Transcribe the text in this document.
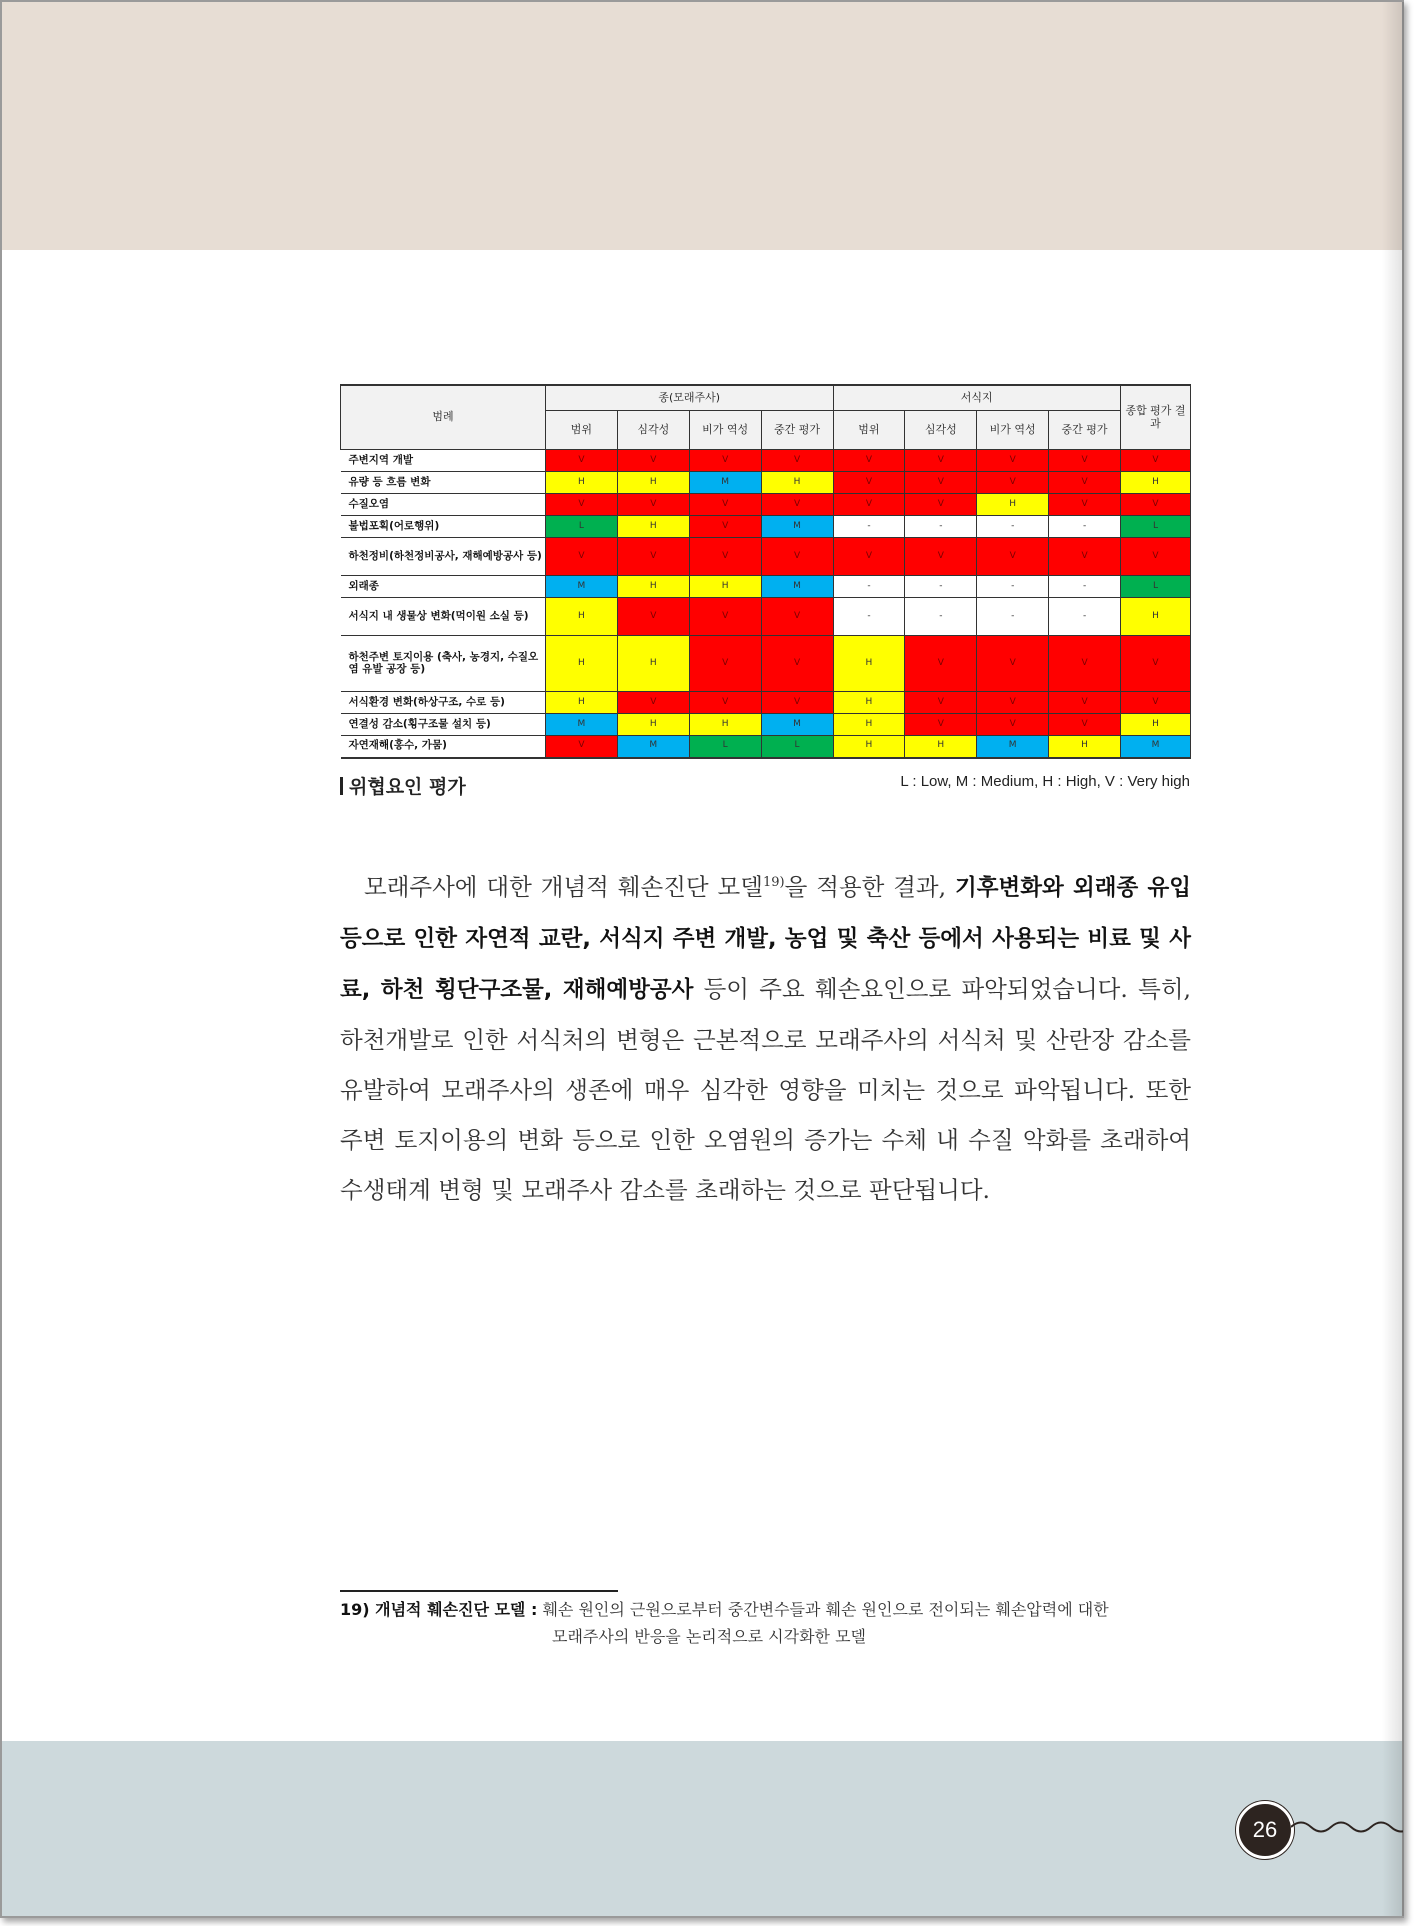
범례	종(모래주사)				서식지				종합 평가 결과
	범위	심각성	비가 역성	중간 평가	범위	심각성	비가 역성	중간 평가	
주변지역 개발	V	V	V	V	V	V	V	V	V
유량 등 흐름 변화	H	H	M	H	V	V	V	V	H
수질오염	V	V	V	V	V	V	H	V	V
불법포획(어로행위)	L	H	V	M	-	-	-	-	L
하천정비(하천정비공사, 재해예방공사 등)	V	V	V	V	V	V	V	V	V
외래종	M	H	H	M	-	-	-	-	L
서식지 내 생물상 변화(먹이원 소실 등)	H	V	V	V	-	-	-	-	H
하천주변 토지이용 (축사, 농경지, 수질오염 유발 공장 등)	H	H	V	V	H	V	V	V	V
서식환경 변화(하상구조, 수로 등)	H	V	V	V	H	V	V	V	V
연결성 감소(횡구조물 설치 등)	M	H	H	M	H	V	V	V	H
자연재해(홍수, 가뭄)	V	M	L	L	H	H	M	H	M
위협요인 평가	L : Low, M : Medium, H : High, V : Very high

모래주사에 대한 개념적 훼손진단 모델$^{19)}$을 적용한 결과, 기후변화와 외래종 유입 등으로 인한 자연적 교란, 서식지 주변 개발, 농업 및 축산 등에서 사용되는 비료 및 사료, 하천 횡단구조물, 재해예방공사 등이 주요 훼손요인으로 파악되었습니다. 특히, 하천개발로 인한 서식처의 변형은 근본적으로 모래주사의 서식처 및 산란장 감소를 유발하여 모래주사의 생존에 매우 심각한 영향을 미치는 것으로 파악됩니다. 또한 주변 토지이용의 변화 등으로 인한 오염원의 증가는 수체 내 수질 악화를 초래하여 수생태계 변형 및 모래주사 감소를 초래하는 것으로 판단됩니다.

19) 개념적 훼손진단 모델 : 훼손 원인의 근원으로부터 중간변수들과 훼손 원인으로 전이되는 훼손압력에 대한
모래주사의 반응을 논리적으로 시각화한 모델
26
